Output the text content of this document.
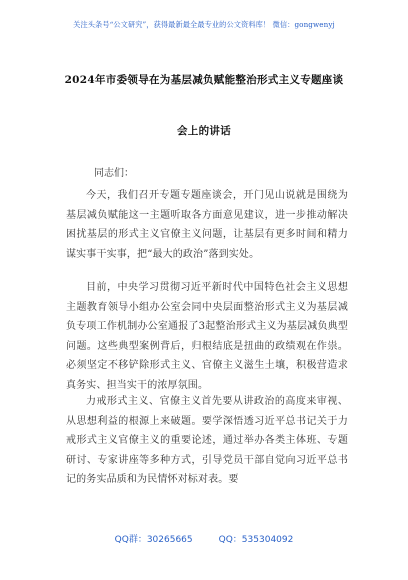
关注头条号“公文研究”，获得最新最全最专业的公文资料库！ 微信：gongwenyj
2024年市委领导在为基层减负赋能整治形式主义专题座谈
会上的讲话
同志们：

今天，我们召开专题专题座谈会，开门见山说就是围绕为基层减负赋能这一主题听取各方面意见建议，进一步推动解决困扰基层的形式主义官僚主义问题，让基层有更多时间和精力谋实事干实事，把“最大的政治”落到实处。

目前，中央学习贯彻习近平新时代中国特色社会主义思想主题教育领导小组办公室会同中央层面整治形式主义为基层减负专项工作机制办公室通报了3起整治形式主义为基层减负典型问题。这些典型案例背后，归根结底是扭曲的政绩观在作祟。必须坚定不移铲除形式主义、官僚主义滋生土壤，积极营造求真务实、担当实干的浓厚氛围。

力戒形式主义、官僚主义首先要从讲政治的高度来审视、从思想利益的根源上来破题。要学深悟透习近平总书记关于力戒形式主义官僚主义的重要论述，通过举办各类主体班、专题研讨、专家讲座等多种方式，引导党员干部自觉向习近平总书记的务实品质和为民情怀对标对表。要

QQ群：30265665	QQ：535304092
